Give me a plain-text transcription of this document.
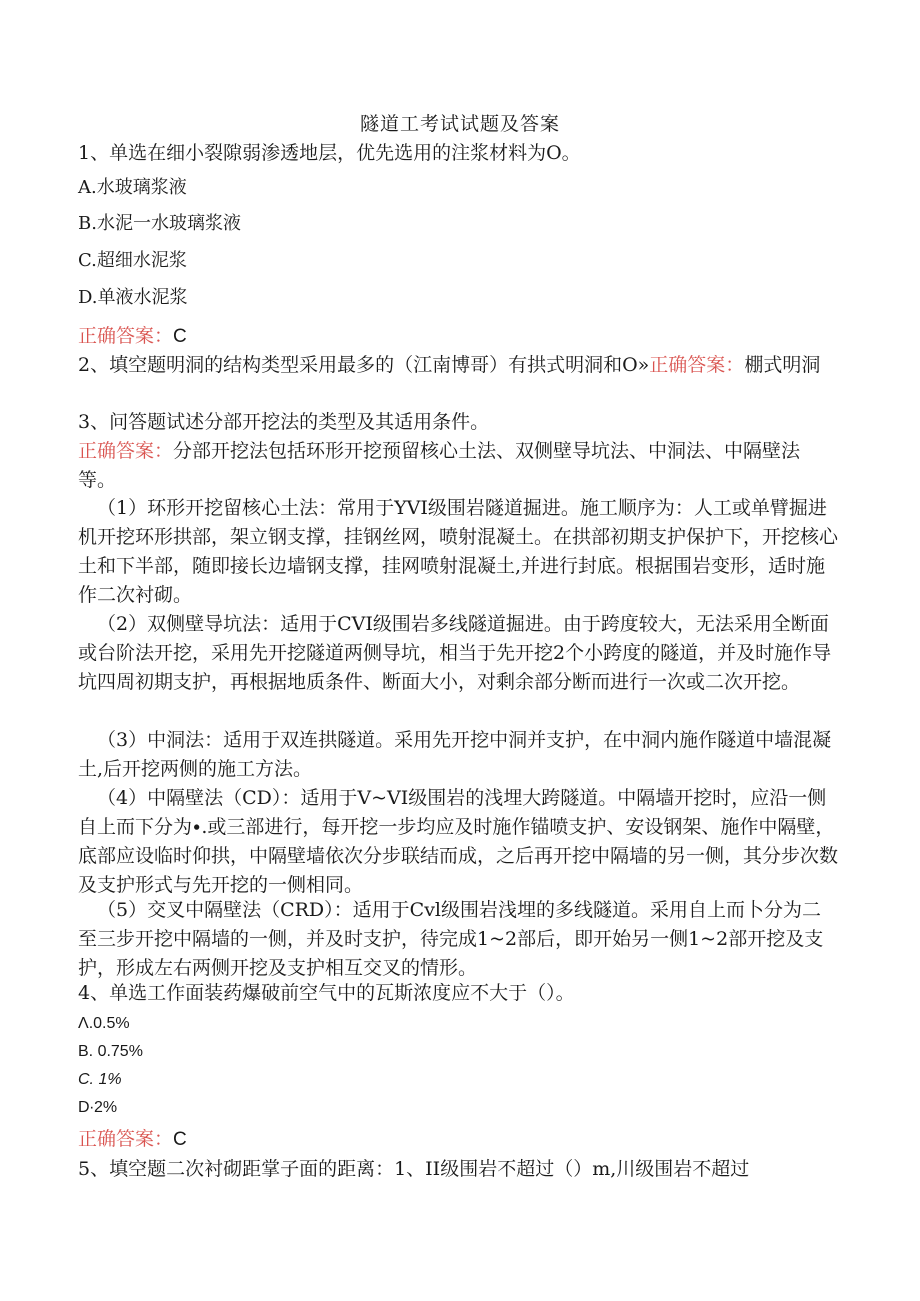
隧道工考试试题及答案
1、单选在细小裂隙弱渗透地层，优先选用的注浆材料为O。
A.水玻璃浆液
B.水泥一水玻璃浆液
C.超细水泥浆
D.单液水泥浆
正确答案：C
2、填空题明洞的结构类型采用最多的（江南博哥）有拱式明洞和O»正确答案：棚式明洞
3、问答题试述分部开挖法的类型及其适用条件。
正确答案：分部开挖法包括环形开挖预留核心土法、双侧壁导坑法、中洞法、中隔壁法等。
（1）环形开挖留核心土法：常用于YVI级围岩隧道掘进。施工顺序为：人工或单臂掘进机开挖环形拱部，架立钢支撑，挂钢丝网，喷射混凝土。在拱部初期支护保护下，开挖核心土和下半部，随即接长边墙钢支撑，挂网喷射混凝土,并进行封底。根据围岩变形，适时施作二次衬砌。
（2）双侧壁导坑法：适用于CVI级围岩多线隧道掘进。由于跨度较大，无法采用全断面或台阶法开挖，采用先开挖隧道两侧导坑，相当于先开挖2个小跨度的隧道，并及时施作导坑四周初期支护，再根据地质条件、断面大小，对剩余部分断而进行一次或二次开挖。
（3）中洞法：适用于双连拱隧道。采用先开挖中洞并支护，在中洞内施作隧道中墙混凝土,后开挖两侧的施工方法。
（4）中隔壁法（CD）：适用于V~VI级围岩的浅埋大跨隧道。中隔墙开挖时，应沿一侧自上而下分为∙.或三部进行，每开挖一步均应及时施作锚喷支护、安设钢架、施作中隔壁，底部应设临时仰拱，中隔壁墙依次分步联结而成，之后再开挖中隔墙的另一侧，其分步次数及支护形式与先开挖的一侧相同。
（5）交叉中隔壁法（CRD）：适用于Cvl级围岩浅埋的多线隧道。采用自上而卜分为二至三步开挖中隔墙的一侧，并及时支护，待完成1~2部后，即开始另一侧1~2部开挖及支护，形成左右两侧开挖及支护相互交叉的情形。
4、单选工作面装药爆破前空气中的瓦斯浓度应不大于（）。
Λ.0.5%
B. 0.75%
C. 1%
D∙2%
正确答案：C
5、填空题二次衬砌距掌子面的距离：1、II级围岩不超过（）m,川级围岩不超过
